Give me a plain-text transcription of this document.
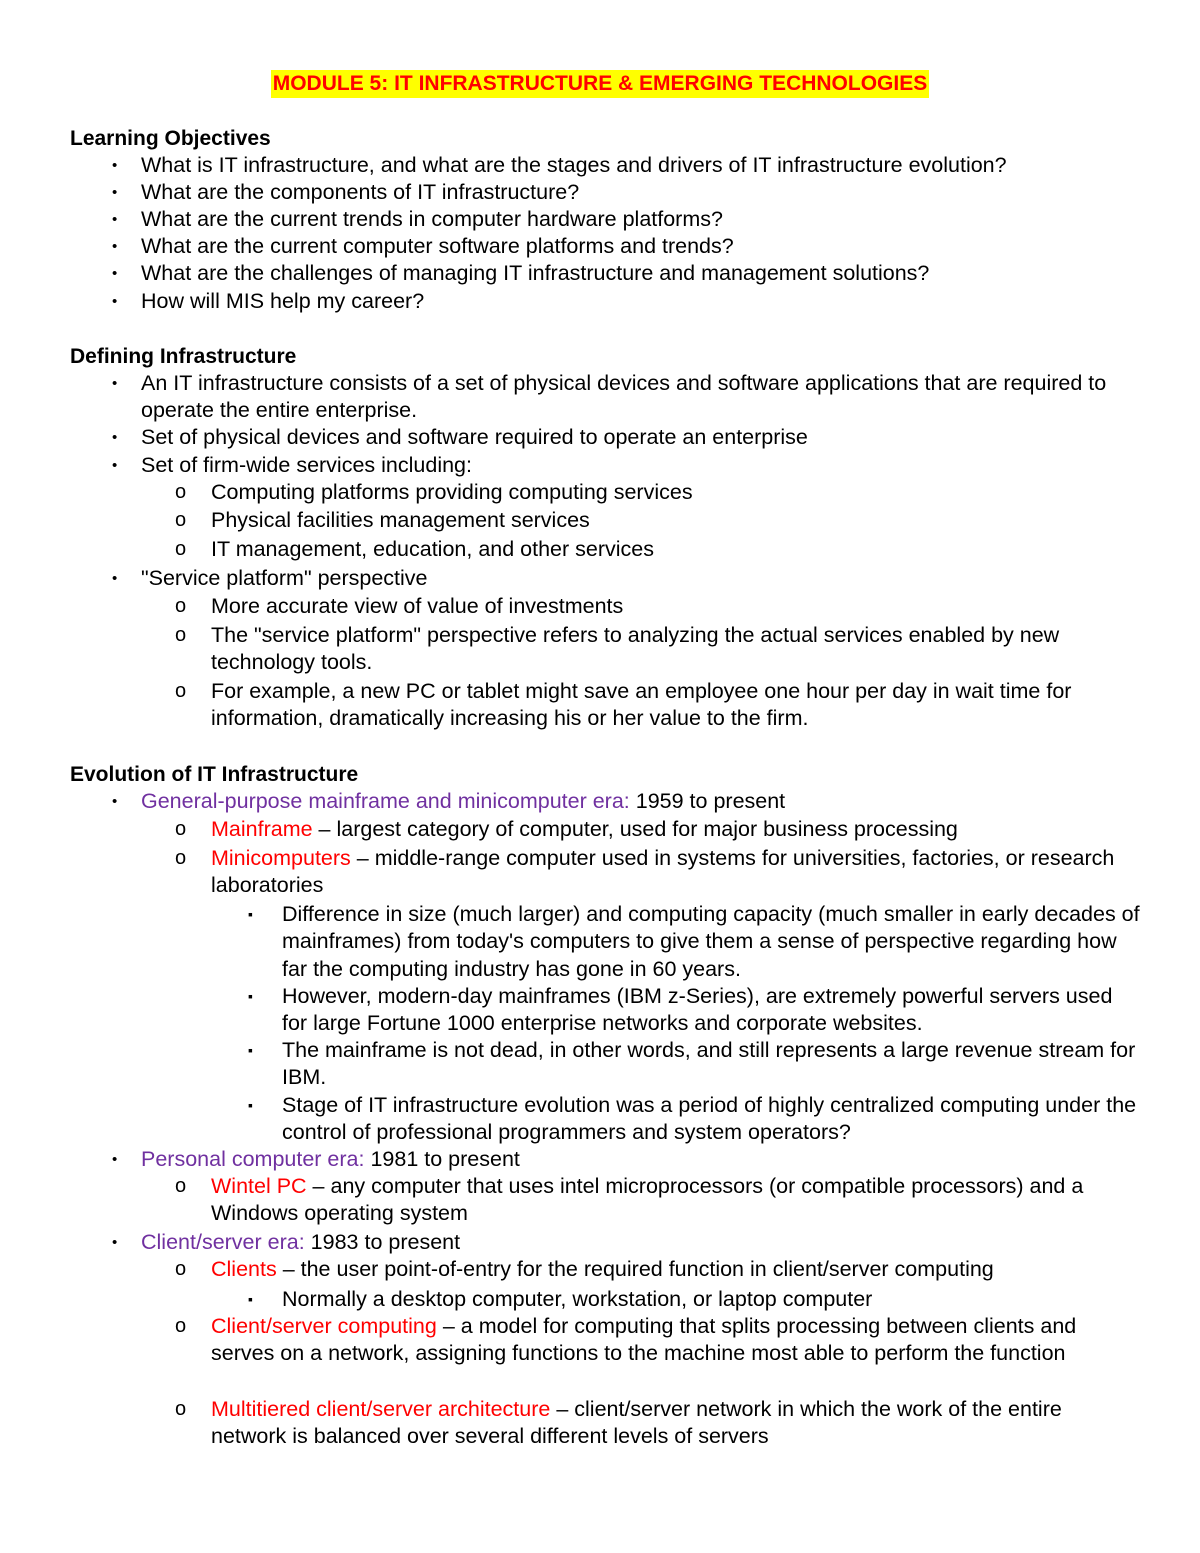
MODULE 5: IT INFRASTRUCTURE & EMERGING TECHNOLOGIES
Learning Objectives
• What is IT infrastructure, and what are the stages and drivers of IT infrastructure evolution?
• What are the components of IT infrastructure?
• What are the current trends in computer hardware platforms?
• What are the current computer software platforms and trends?
• What are the challenges of managing IT infrastructure and management solutions?
• How will MIS help my career?
Defining Infrastructure
• An IT infrastructure consists of a set of physical devices and software applications that are required to operate the entire enterprise.
• Set of physical devices and software required to operate an enterprise
• Set of firm-wide services including:
o Computing platforms providing computing services
o Physical facilities management services
o IT management, education, and other services
• "Service platform" perspective
o More accurate view of value of investments
o The "service platform" perspective refers to analyzing the actual services enabled by new technology tools.
o For example, a new PC or tablet might save an employee one hour per day in wait time for information, dramatically increasing his or her value to the firm.
Evolution of IT Infrastructure
• General-purpose mainframe and minicomputer era: 1959 to present
o Mainframe – largest category of computer, used for major business processing
o Minicomputers – middle-range computer used in systems for universities, factories, or research laboratories
▪ Difference in size (much larger) and computing capacity (much smaller in early decades of mainframes) from today's computers to give them a sense of perspective regarding how far the computing industry has gone in 60 years.
▪ However, modern-day mainframes (IBM z-Series), are extremely powerful servers used for large Fortune 1000 enterprise networks and corporate websites.
▪ The mainframe is not dead, in other words, and still represents a large revenue stream for IBM.
▪ Stage of IT infrastructure evolution was a period of highly centralized computing under the control of professional programmers and system operators?
• Personal computer era: 1981 to present
o Wintel PC – any computer that uses intel microprocessors (or compatible processors) and a Windows operating system
• Client/server era: 1983 to present
o Clients – the user point-of-entry for the required function in client/server computing
▪ Normally a desktop computer, workstation, or laptop computer
o Client/server computing – a model for computing that splits processing between clients and serves on a network, assigning functions to the machine most able to perform the function
o Multitiered client/server architecture – client/server network in which the work of the entire network is balanced over several different levels of servers
